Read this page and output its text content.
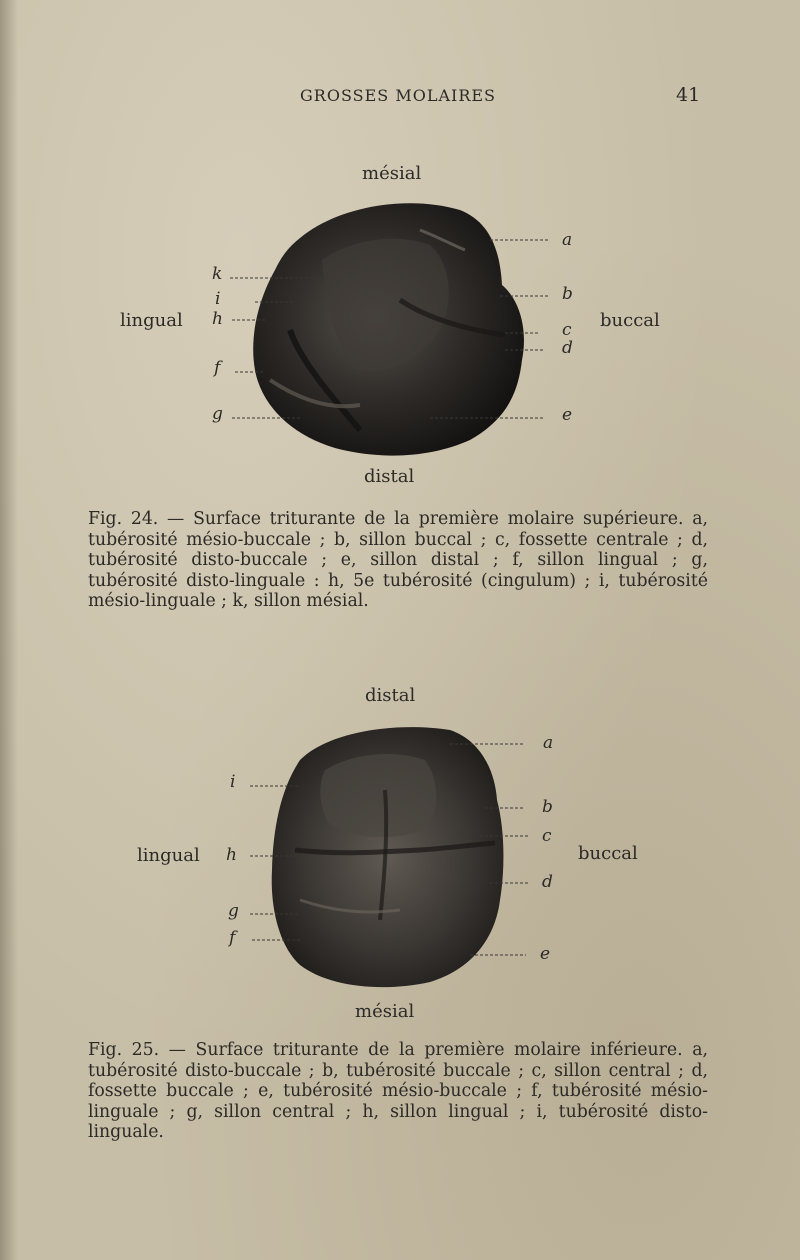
GROSSES MOLAIRES	41
mésial
distal
lingual	buccal
k
i
h
f
g
a
b
c
d
e

Fig. 24. — Surface triturante de la première molaire supérieure. a, tubérosité mésio-buccale ; b, sillon buccal ; c, fossette centrale ; d, tubérosité disto-buccale ; e, sillon distal ; f, sillon lingual ; g, tubérosité disto-linguale : h, 5e tubérosité (cingulum) ; i, tubérosité mésio-linguale ; k, sillon mésial.

distal
mésial
lingual	buccal
i
h
g
f
a
b
c
d
e

Fig. 25. — Surface triturante de la première molaire inférieure. a, tubérosité disto-buccale ; b, tubérosité buccale ; c, sillon central ; d, fossette buccale ; e, tubérosité mésio-buccale ; f, tubérosité mésio-linguale ; g, sillon central ; h, sillon lingual ; i, tubérosité disto-linguale.
